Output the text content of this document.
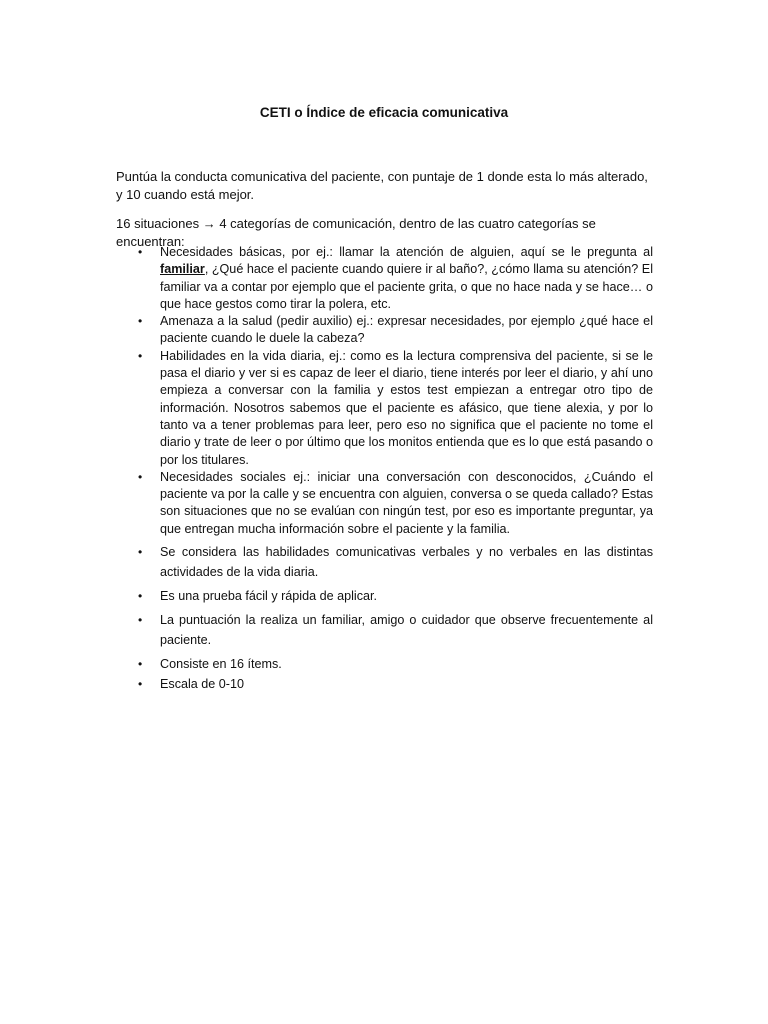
CETI o Índice de eficacia comunicativa

Puntúa la conducta comunicativa del paciente, con puntaje de 1 donde esta lo más alterado, y 10 cuando está mejor.

16 situaciones → 4 categorías de comunicación, dentro de las cuatro categorías se encuentran:

• Necesidades básicas, por ej.: llamar la atención de alguien, aquí se le pregunta al familiar, ¿Qué hace el paciente cuando quiere ir al baño?, ¿cómo llama su atención? El familiar va a contar por ejemplo que el paciente grita, o que no hace nada y se hace… o que hace gestos como tirar la polera, etc.
• Amenaza a la salud (pedir auxilio) ej.: expresar necesidades, por ejemplo ¿qué hace el paciente cuando le duele la cabeza?
• Habilidades en la vida diaria, ej.: como es la lectura comprensiva del paciente, si se le pasa el diario y ver si es capaz de leer el diario, tiene interés por leer el diario, y ahí uno empieza a conversar con la familia y estos test empiezan a entregar otro tipo de información. Nosotros sabemos que el paciente es afásico, que tiene alexia, y por lo tanto va a tener problemas para leer, pero eso no significa que el paciente no tome el diario y trate de leer o por último que los monitos entienda que es lo que está pasando o por los titulares.
• Necesidades sociales ej.: iniciar una conversación con desconocidos, ¿Cuándo el paciente va por la calle y se encuentra con alguien, conversa o se queda callado? Estas son situaciones que no se evalúan con ningún test, por eso es importante preguntar, ya que entregan mucha información sobre el paciente y la familia.
• Se considera las habilidades comunicativas verbales y no verbales en las distintas actividades de la vida diaria.
• Es una prueba fácil y rápida de aplicar.
• La puntuación la realiza un familiar, amigo o cuidador que observe frecuentemente al paciente.
• Consiste en 16 ítems.
• Escala de 0-10
